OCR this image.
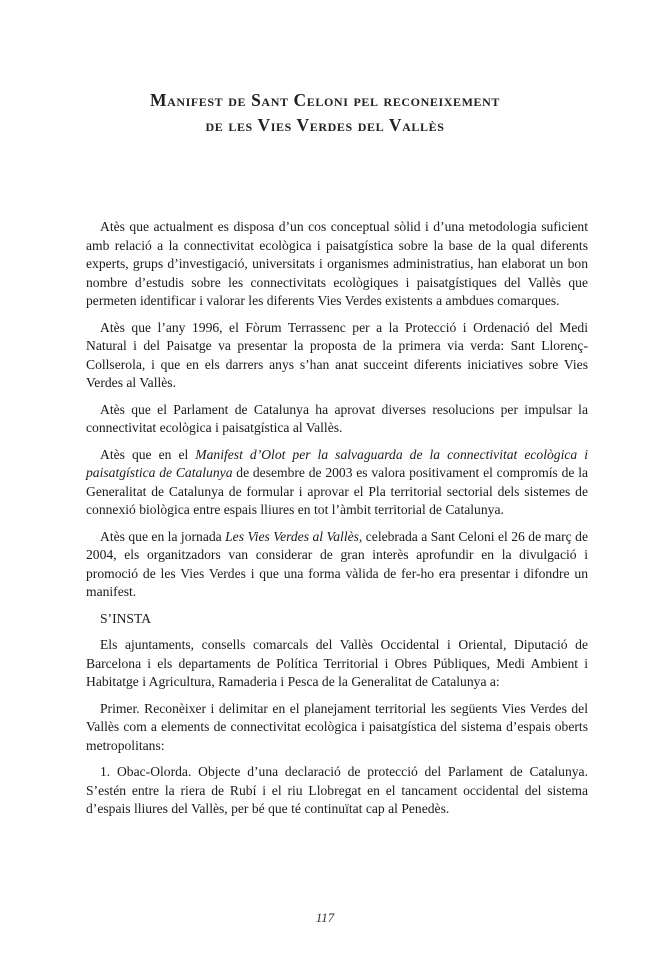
Manifest de Sant Celoni pel reconeixement
de les Vies Verdes del Vallès

Atès que actualment es disposa d’un cos conceptual sòlid i d’una metodologia suficient amb relació a la connectivitat ecològica i paisatgística sobre la base de la qual diferents experts, grups d’investigació, universitats i organismes administratius, han elaborat un bon nombre d’estudis sobre les connectivitats ecològiques i paisatgístiques del Vallès que permeten identificar i valorar les diferents Vies Verdes existents a ambdues comarques.

Atès que l’any 1996, el Fòrum Terrassenc per a la Protecció i Ordenació del Medi Natural i del Paisatge va presentar la proposta de la primera via verda: Sant Llorenç-Collserola, i que en els darrers anys s’han anat succeint diferents iniciatives sobre Vies Verdes al Vallès.

Atès que el Parlament de Catalunya ha aprovat diverses resolucions per impulsar la connectivitat ecològica i paisatgística al Vallès.

Atès que en el Manifest d’Olot per la salvaguarda de la connectivitat ecològica i paisatgística de Catalunya de desembre de 2003 es valora positivament el compromís de la Generalitat de Catalunya de formular i aprovar el Pla territorial sectorial dels sistemes de connexió biològica entre espais lliures en tot l’àmbit territorial de Catalunya.

Atès que en la jornada Les Vies Verdes al Vallès, celebrada a Sant Celoni el 26 de març de 2004, els organitzadors van considerar de gran interès aprofundir en la divulgació i promoció de les Vies Verdes i que una forma vàlida de fer-ho era presentar i difondre un manifest.

S’INSTA

Els ajuntaments, consells comarcals del Vallès Occidental i Oriental, Diputació de Barcelona i els departaments de Política Territorial i Obres Públiques, Medi Ambient i Habitatge i Agricultura, Ramaderia i Pesca de la Generalitat de Catalunya a:

Primer. Reconèixer i delimitar en el planejament territorial les següents Vies Verdes del Vallès com a elements de connectivitat ecològica i paisatgística del sistema d’espais oberts metropolitans:

1. Obac-Olorda. Objecte d’una declaració de protecció del Parlament de Catalunya. S’estén entre la riera de Rubí i el riu Llobregat en el tancament occidental del sistema d’espais lliures del Vallès, per bé que té continuïtat cap al Penedès.

117
